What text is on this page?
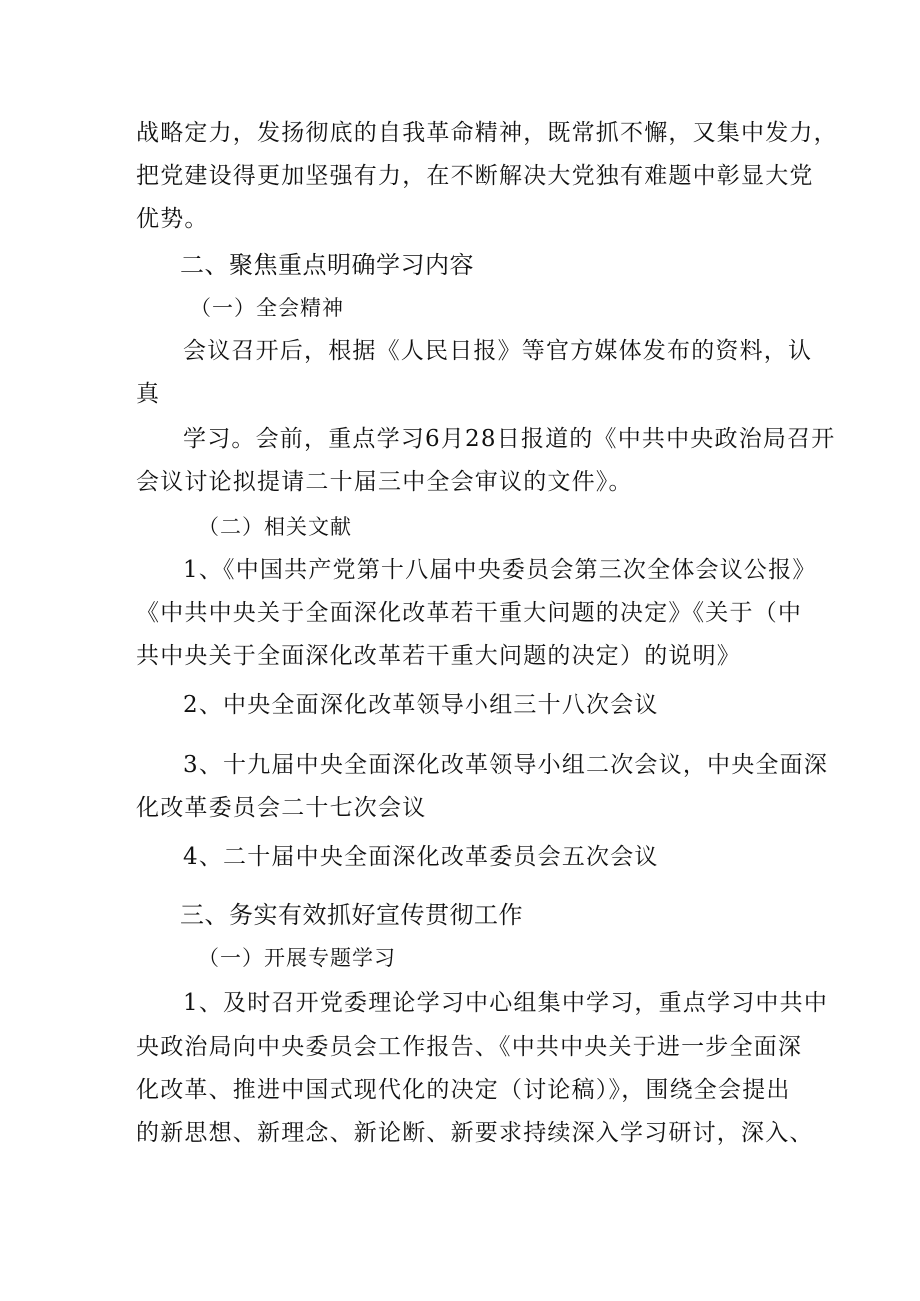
战略定力，发扬彻底的自我革命精神，既常抓不懈，又集中发力，
把党建设得更加坚强有力，在不断解决大党独有难题中彰显大党
优势。
二、聚焦重点明确学习内容
（一）全会精神
会议召开后，根据《人民日报》等官方媒体发布的资料，认
真
学习。会前，重点学习6月28日报道的《中共中央政治局召开
会议讨论拟提请二十届三中全会审议的文件》。
（二）相关文献
1、《中国共产党第十八届中央委员会第三次全体会议公报》
《中共中央关于全面深化改革若干重大问题的决定》《关于（中
共中央关于全面深化改革若干重大问题的决定）的说明》
2、中央全面深化改革领导小组三十八次会议
3、十九届中央全面深化改革领导小组二次会议，中央全面深
化改革委员会二十七次会议
4、二十届中央全面深化改革委员会五次会议
三、务实有效抓好宣传贯彻工作
（一）开展专题学习
1、及时召开党委理论学习中心组集中学习，重点学习中共中
央政治局向中央委员会工作报告、《中共中央关于进一步全面深
化改革、推进中国式现代化的决定（讨论稿）》，围绕全会提出
的新思想、新理念、新论断、新要求持续深入学习研讨，深入、
